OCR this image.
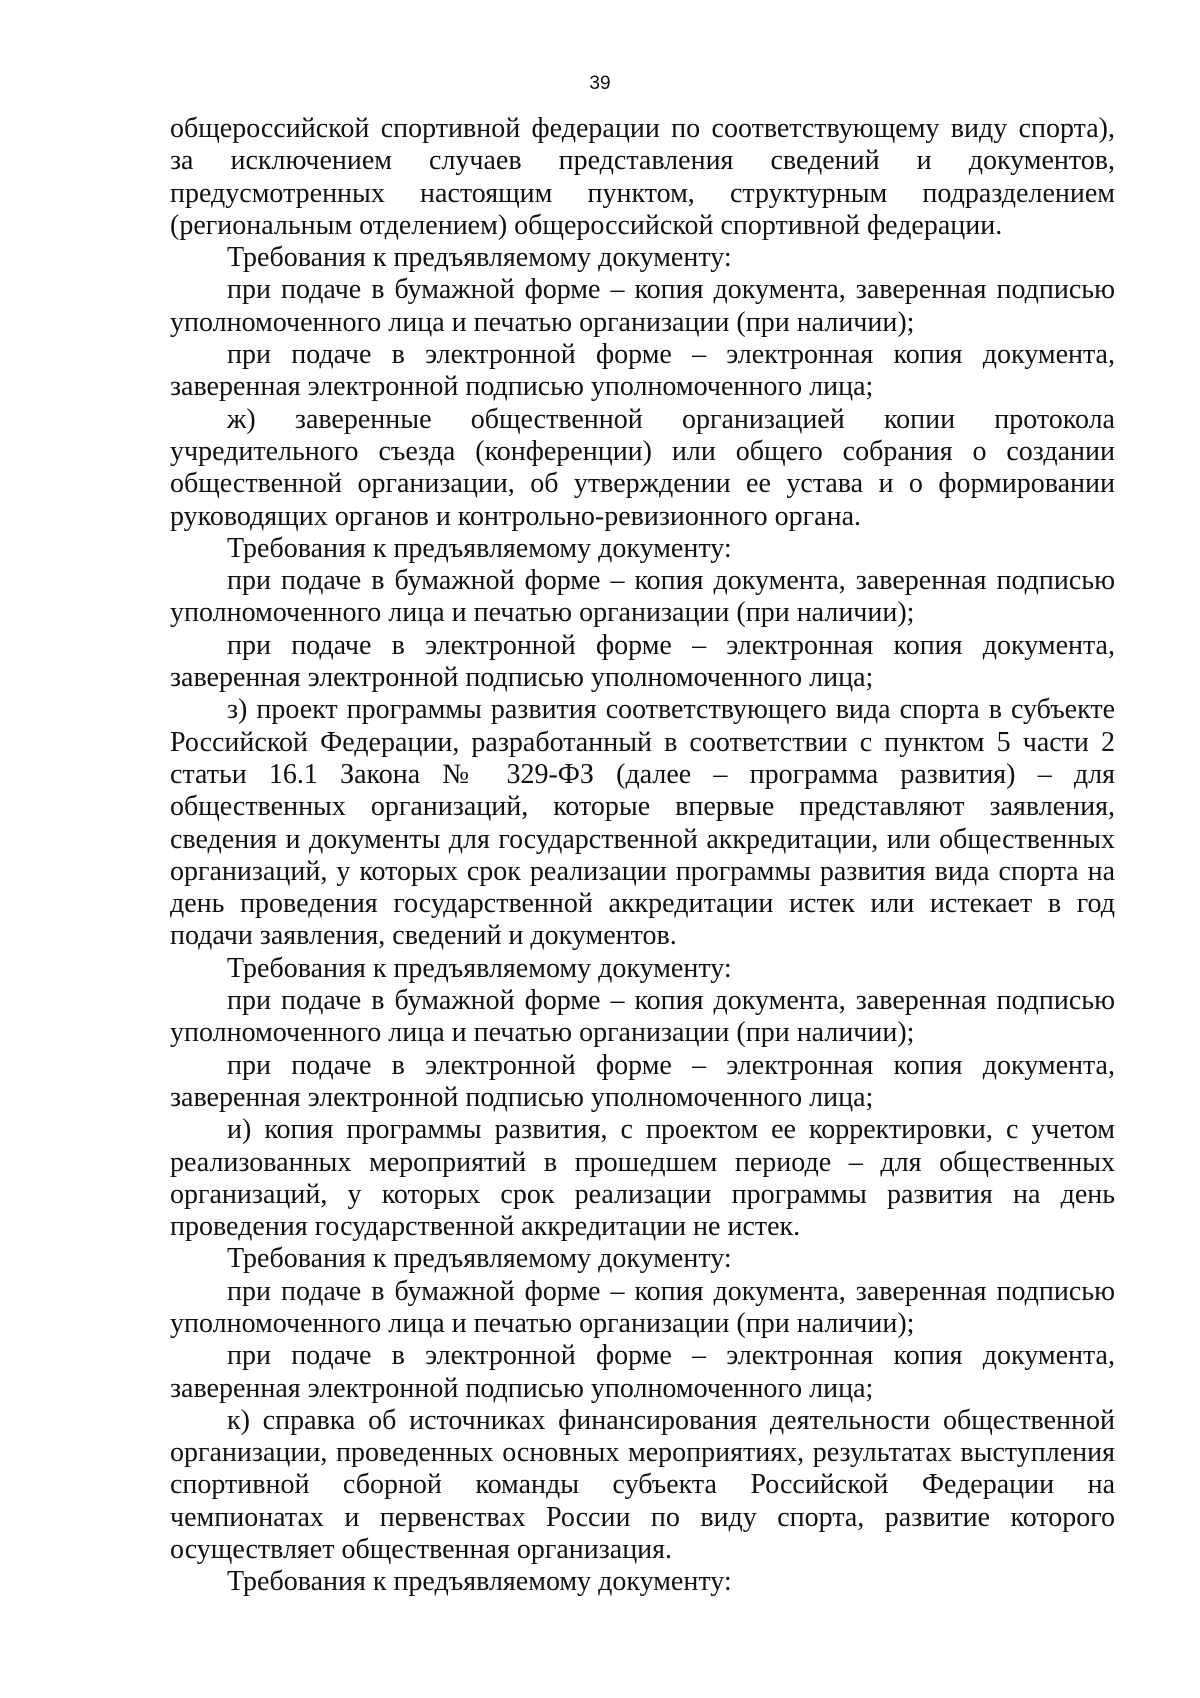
39

общероссийской спортивной федерации по соответствующему виду спорта), за исключением случаев представления сведений и документов, предусмотренных настоящим пунктом, структурным подразделением (региональным отделением) общероссийской спортивной федерации.

Требования к предъявляемому документу:

при подаче в бумажной форме – копия документа, заверенная подписью уполномоченного лица и печатью организации (при наличии);

при подаче в электронной форме – электронная копия документа, заверенная электронной подписью уполномоченного лица;

ж) заверенные общественной организацией копии протокола учредительного съезда (конференции) или общего собрания о создании общественной организации, об утверждении ее устава и о формировании руководящих органов и контрольно-ревизионного органа.

Требования к предъявляемому документу:

при подаче в бумажной форме – копия документа, заверенная подписью уполномоченного лица и печатью организации (при наличии);

при подаче в электронной форме – электронная копия документа, заверенная электронной подписью уполномоченного лица;

з) проект программы развития соответствующего вида спорта в субъекте Российской Федерации, разработанный в соответствии с пунктом 5 части 2 статьи 16.1 Закона № 329-ФЗ (далее – программа развития) – для общественных организаций, которые впервые представляют заявления, сведения и документы для государственной аккредитации, или общественных организаций, у которых срок реализации программы развития вида спорта на день проведения государственной аккредитации истек или истекает в год подачи заявления, сведений и документов.

Требования к предъявляемому документу:

при подаче в бумажной форме – копия документа, заверенная подписью уполномоченного лица и печатью организации (при наличии);

при подаче в электронной форме – электронная копия документа, заверенная электронной подписью уполномоченного лица;

и) копия программы развития, с проектом ее корректировки, с учетом реализованных мероприятий в прошедшем периоде – для общественных организаций, у которых срок реализации программы развития на день проведения государственной аккредитации не истек.

Требования к предъявляемому документу:

при подаче в бумажной форме – копия документа, заверенная подписью уполномоченного лица и печатью организации (при наличии);

при подаче в электронной форме – электронная копия документа, заверенная электронной подписью уполномоченного лица;

к) справка об источниках финансирования деятельности общественной организации, проведенных основных мероприятиях, результатах выступления спортивной сборной команды субъекта Российской Федерации на чемпионатах и первенствах России по виду спорта, развитие которого осуществляет общественная организация.

Требования к предъявляемому документу:
